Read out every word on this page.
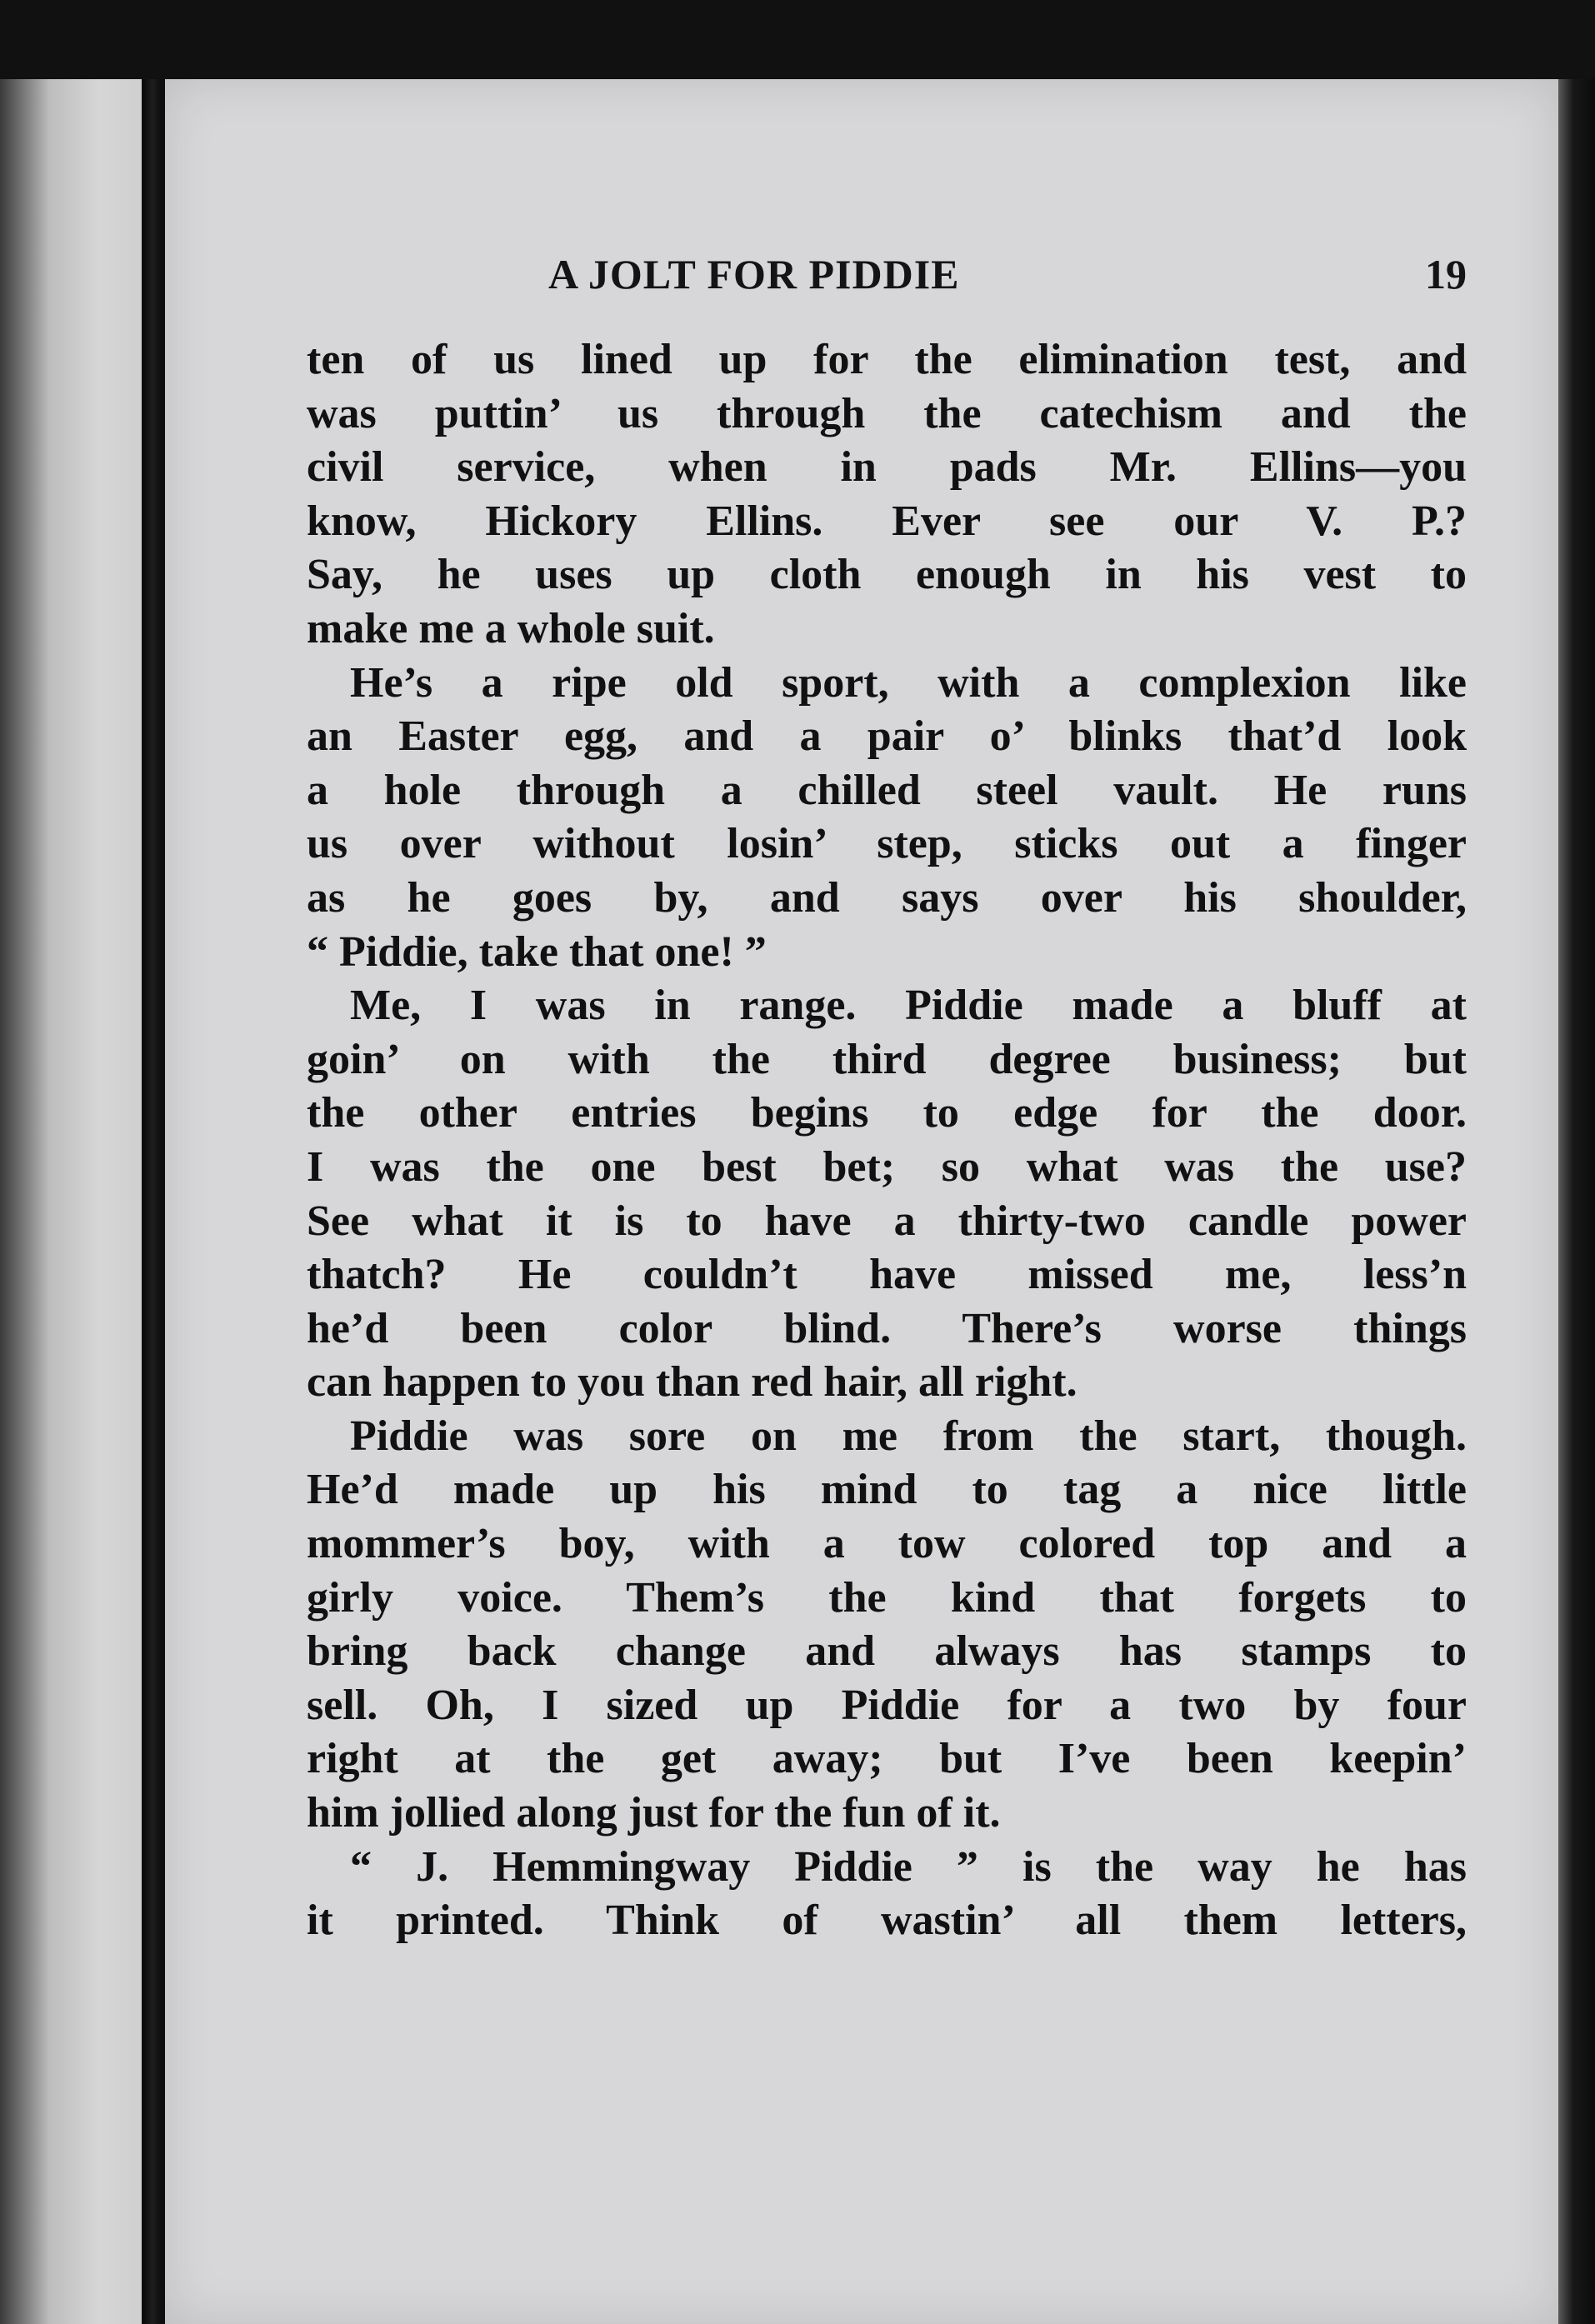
A JOLT FOR PIDDIE	19
ten of us lined up for the elimination test, and
was puttin’ us through the catechism and the
civil service, when in pads Mr. Ellins—you
know, Hickory Ellins. Ever see our V. P.?
Say, he uses up cloth enough in his vest to
make me a whole suit.
He’s a ripe old sport, with a complexion like
an Easter egg, and a pair o’ blinks that’d look
a hole through a chilled steel vault. He runs
us over without losin’ step, sticks out a finger
as he goes by, and says over his shoulder,
“ Piddie, take that one! ”
Me, I was in range. Piddie made a bluff at
goin’ on with the third degree business; but
the other entries begins to edge for the door.
I was the one best bet; so what was the use?
See what it is to have a thirty-two candle power
thatch? He couldn’t have missed me, less’n
he’d been color blind. There’s worse things
can happen to you than red hair, all right.
Piddie was sore on me from the start, though.
He’d made up his mind to tag a nice little
mommer’s boy, with a tow colored top and a
girly voice. Them’s the kind that forgets to
bring back change and always has stamps to
sell. Oh, I sized up Piddie for a two by four
right at the get away; but I’ve been keepin’
him jollied along just for the fun of it.
“ J. Hemmingway Piddie ” is the way he has
it printed. Think of wastin’ all them letters,
